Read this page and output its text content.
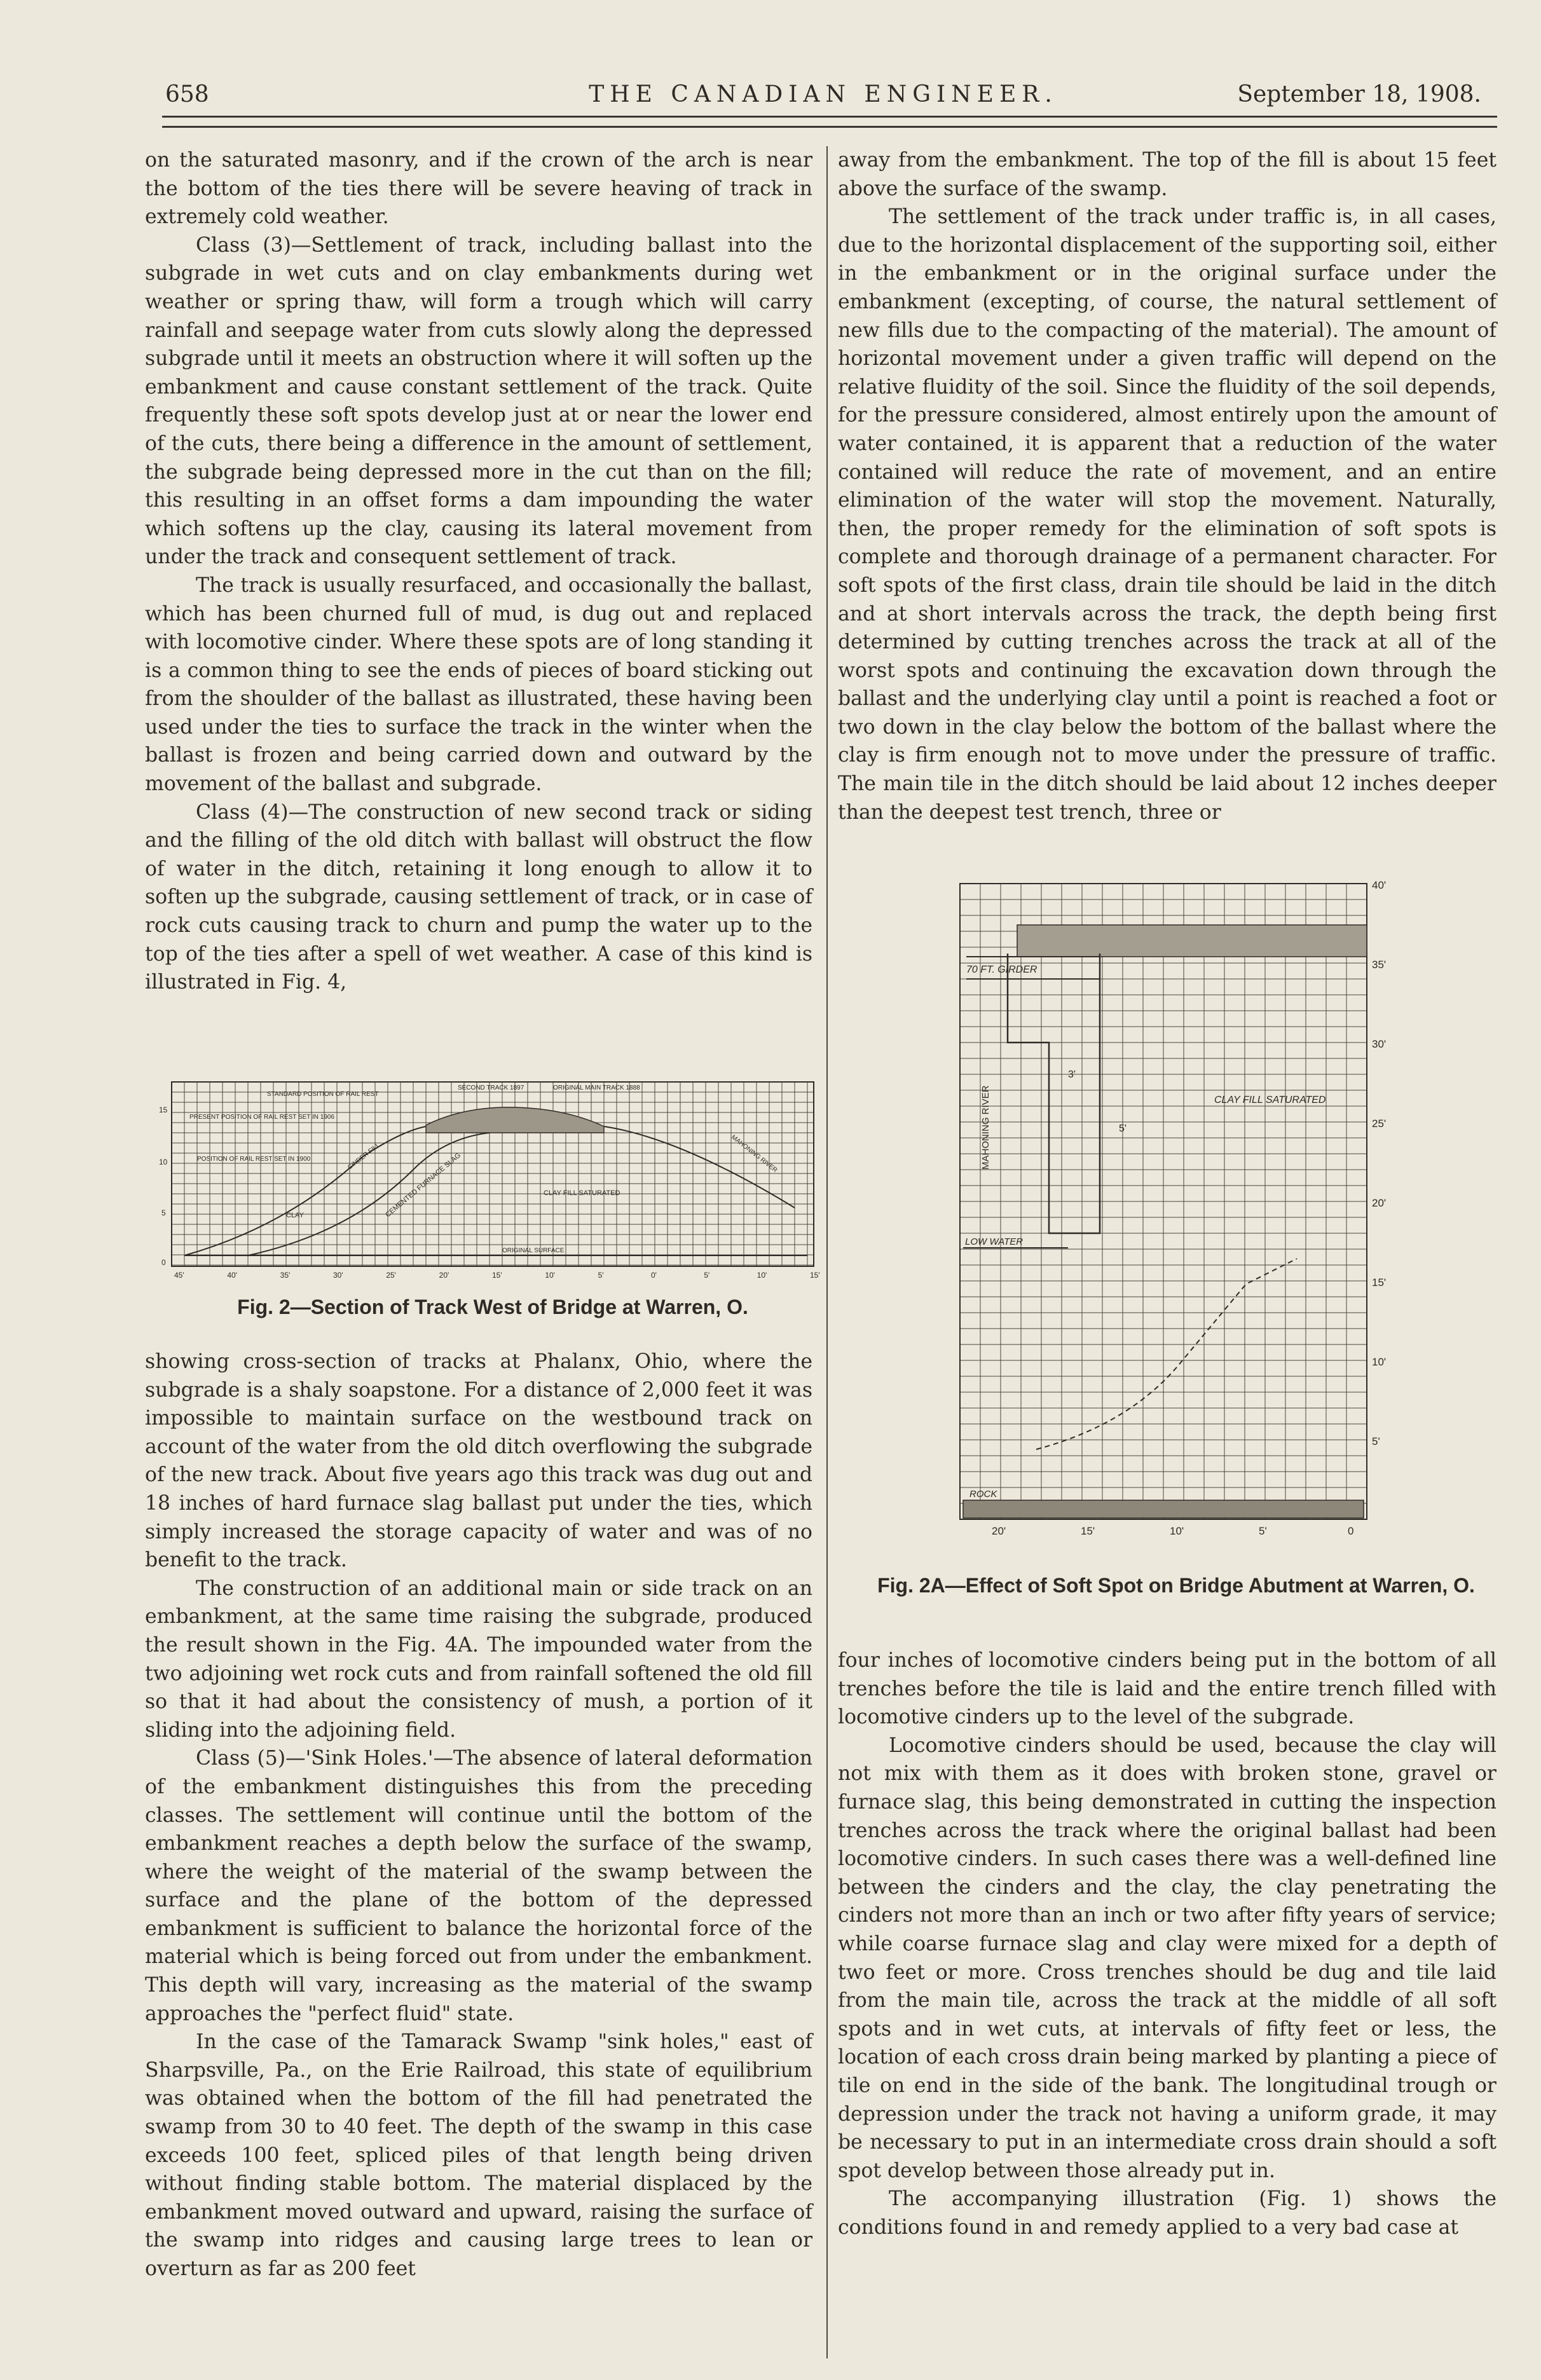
658	THE CANADIAN ENGINEER.	September 18, 1908.

on the saturated masonry, and if the crown of the arch is near the bottom of the ties there will be severe heaving of track in extremely cold weather.

Class (3)—Settlement of track, including ballast into the subgrade in wet cuts and on clay embankments during wet weather or spring thaw, will form a trough which will carry rainfall and seepage water from cuts slowly along the depressed subgrade until it meets an obstruction where it will soften up the embankment and cause constant settlement of the track. Quite frequently these soft spots develop just at or near the lower end of the cuts, there being a difference in the amount of settlement, the subgrade being depressed more in the cut than on the fill; this resulting in an offset forms a dam impounding the water which softens up the clay, causing its lateral movement from under the track and consequent settlement of track.

The track is usually resurfaced, and occasionally the ballast, which has been churned full of mud, is dug out and replaced with locomotive cinder. Where these spots are of long standing it is a common thing to see the ends of pieces of board sticking out from the shoulder of the ballast as illustrated, these having been used under the ties to surface the track in the winter when the ballast is frozen and being carried down and outward by the movement of the ballast and subgrade.

Class (4)—The construction of new second track or siding and the filling of the old ditch with ballast will obstruct the flow of water in the ditch, retaining it long enough to allow it to soften up the subgrade, causing settlement of track, or in case of rock cuts causing track to churn and pump the water up to the top of the ties after a spell of wet weather. A case of this kind is illustrated in Fig. 4,

STANDARD POSITION OF RAIL REST
PRESENT POSITION OF RAIL REST SET IN 1906
POSITION OF RAIL REST SET IN 1900
SECOND TRACK 1897	ORIGINAL MAIN TRACK 1888
CINDER FILL CEMENTED FURNACE SLAG
CLAY
CLAY FILL SATURATED
ORIGINAL SURFACE
MAHONING RIVER
15
10
5
0
45'	40'	35'	30'	25'	20'	15'	10'	5'	0'	5'	10'	15'
Fig. 2—Section of Track West of Bridge at Warren, O.

showing cross-section of tracks at Phalanx, Ohio, where the subgrade is a shaly soapstone. For a distance of 2,000 feet it was impossible to maintain surface on the westbound track on account of the water from the old ditch overflowing the subgrade of the new track. About five years ago this track was dug out and 18 inches of hard furnace slag ballast put under the ties, which simply increased the storage capacity of water and was of no benefit to the track.

The construction of an additional main or side track on an embankment, at the same time raising the subgrade, produced the result shown in the Fig. 4A. The impounded water from the two adjoining wet rock cuts and from rainfall softened the old fill so that it had about the consistency of mush, a portion of it sliding into the adjoining field.

Class (5)—'Sink Holes.'—The absence of lateral deformation of the embankment distinguishes this from the preceding classes. The settlement will continue until the bottom of the embankment reaches a depth below the surface of the swamp, where the weight of the material of the swamp between the surface and the plane of the bottom of the depressed embankment is sufficient to balance the horizontal force of the material which is being forced out from under the embankment. This depth will vary, increasing as the material of the swamp approaches the "perfect fluid" state.

In the case of the Tamarack Swamp "sink holes," east of Sharpsville, Pa., on the Erie Railroad, this state of equilibrium was obtained when the bottom of the fill had penetrated the swamp from 30 to 40 feet. The depth of the swamp in this case exceeds 100 feet, spliced piles of that length being driven without finding stable bottom. The material displaced by the embankment moved outward and upward, raising the surface of the swamp into ridges and causing large trees to lean or overturn as far as 200 feet

away from the embankment. The top of the fill is about 15 feet above the surface of the swamp.

The settlement of the track under traffic is, in all cases, due to the horizontal displacement of the supporting soil, either in the embankment or in the original surface under the embankment (excepting, of course, the natural settlement of new fills due to the compacting of the material). The amount of horizontal movement under a given traffic will depend on the relative fluidity of the soil. Since the fluidity of the soil depends, for the pressure considered, almost entirely upon the amount of water contained, it is apparent that a reduction of the water contained will reduce the rate of movement, and an entire elimination of the water will stop the movement. Naturally, then, the proper remedy for the elimination of soft spots is complete and thorough drainage of a permanent character. For soft spots of the first class, drain tile should be laid in the ditch and at short intervals across the track, the depth being first determined by cutting trenches across the track at all of the worst spots and continuing the excavation down through the ballast and the underlying clay until a point is reached a foot or two down in the clay below the bottom of the ballast where the clay is firm enough not to move under the pressure of traffic. The main tile in the ditch should be laid about 12 inches deeper than the deepest test trench, three or

70 FT. GIRDER
MAHONING RIVER
LOW WATER
CLAY FILL SATURATED
ROCK
3'
5'
40'
35'
30'
25'
20'
15'
10'
5'
20'	15'	10'	5'	0
Fig. 2A—Effect of Soft Spot on Bridge Abutment at Warren, O.

four inches of locomotive cinders being put in the bottom of all trenches before the tile is laid and the entire trench filled with locomotive cinders up to the level of the subgrade.

Locomotive cinders should be used, because the clay will not mix with them as it does with broken stone, gravel or furnace slag, this being demonstrated in cutting the inspection trenches across the track where the original ballast had been locomotive cinders. In such cases there was a well-defined line between the cinders and the clay, the clay penetrating the cinders not more than an inch or two after fifty years of service; while coarse furnace slag and clay were mixed for a depth of two feet or more. Cross trenches should be dug and tile laid from the main tile, across the track at the middle of all soft spots and in wet cuts, at intervals of fifty feet or less, the location of each cross drain being marked by planting a piece of tile on end in the side of the bank. The longitudinal trough or depression under the track not having a uniform grade, it may be necessary to put in an intermediate cross drain should a soft spot develop between those already put in.

The accompanying illustration (Fig. 1) shows the conditions found in and remedy applied to a very bad case at
